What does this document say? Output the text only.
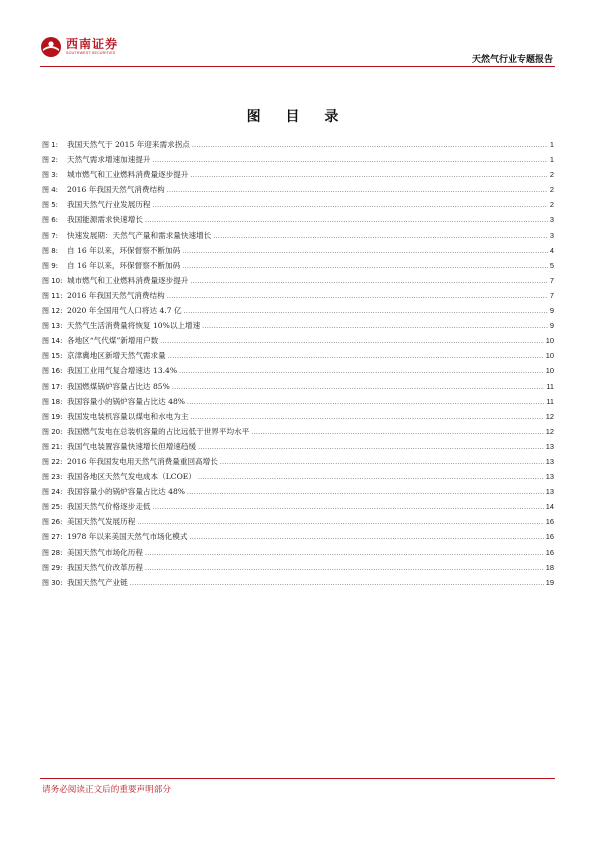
西南证券
SOUTHWEST SECURITIES
天然气行业专题报告
图 目 录
图 1:	我国天然气于 2015 年迎来需求拐点 .....	1
图 2:	天然气需求增速加速提升 .....	1
图 3:	城市燃气和工业燃料消费量逐步提升 .....	2
图 4:	2016 年我国天然气消费结构 .....	2
图 5:	我国天然气行业发展历程 .....	2
图 6:	我国能源需求快速增长 .....	3
图 7:	快速发展期：天然气产量和需求量快速增长 .....	3
图 8:	自 16 年以来，环保督察不断加码 .....	4
图 9:	自 16 年以来，环保督察不断加码 .....	5
图 10: 城市燃气和工业燃料消费量逐步提升 .....	7
图 11: 2016 年我国天然气消费结构 .....	7
图 12: 2020 年全国用气人口将达 4.7 亿 .....	9
图 13: 天然气生活消费量将恢复 10%以上增速 .....	9
图 14: 各地区“气代煤”新增用户数 .....	10
图 15: 京津冀地区新增天然气需求量 .....	10
图 16: 我国工业用气复合增速达 13.4% .....	10
图 17: 我国燃煤锅炉容量占比达 85% .....	11
图 18: 我国容量小的锅炉容量占比达 48% .....	11
图 19: 我国发电装机容量以煤电和水电为主 .....	12
图 20: 我国燃气发电在总装机容量的占比远低于世界平均水平 .....	12
图 21: 我国气电装置容量快速增长但增速趋缓 .....	13
图 22: 2016 年我国发电用天然气消费量重回高增长 .....	13
图 23: 我国各地区天然气发电成本（LCOE） .....	13
图 24: 我国容量小的锅炉容量占比达 48% .....	13
图 25: 我国天然气价格逐步走低 .....	14
图 26: 美国天然气发展历程 .....	16
图 27: 1978 年以来美国天然气市场化模式 .....	16
图 28: 美国天然气市场化历程 .....	16
图 29: 我国天然气价改革历程 .....	18
图 30: 我国天然气产业链 .....	19
请务必阅读正文后的重要声明部分
